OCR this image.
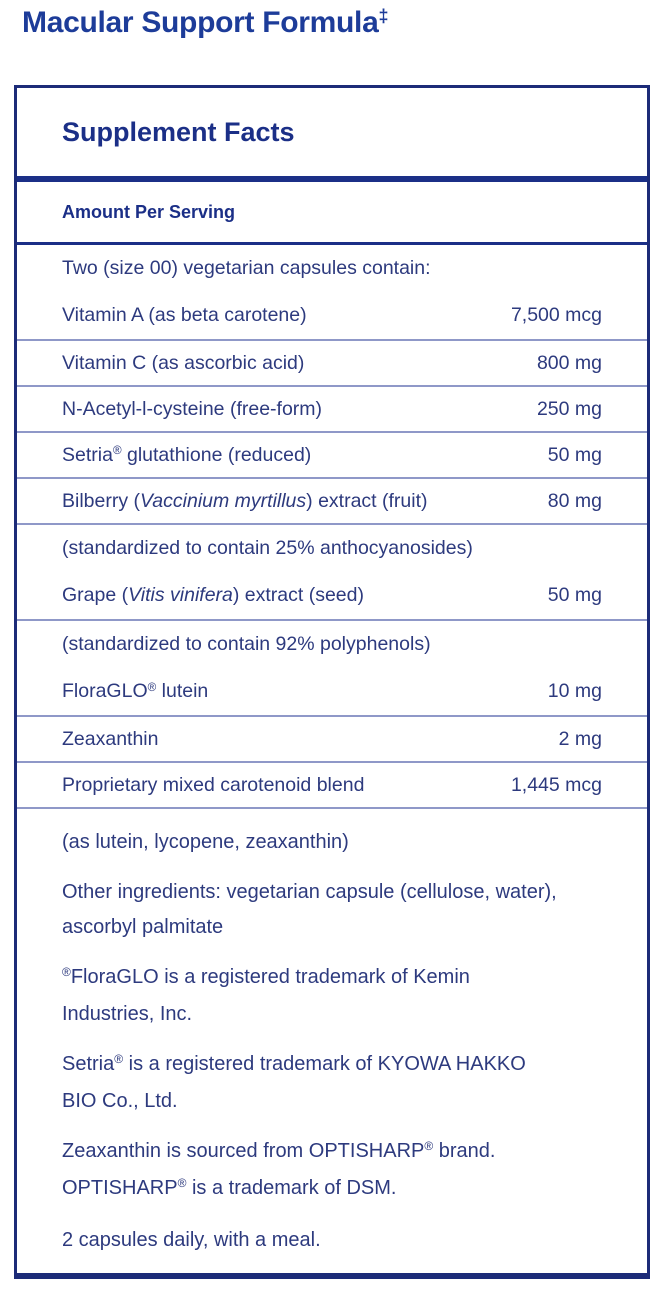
Macular Support Formula‡
Supplement Facts
Amount Per Serving
Two (size 00) vegetarian capsules contain:
Vitamin A (as beta carotene)	7,500 mcg
Vitamin C (as ascorbic acid)	800 mg
N-Acetyl-l-cysteine (free-form)	250 mg
Setria® glutathione (reduced)	50 mg
Bilberry (Vaccinium myrtillus) extract (fruit)	80 mg
(standardized to contain 25% anthocyanosides)
Grape (Vitis vinifera) extract (seed)	50 mg
(standardized to contain 92% polyphenols)
FloraGLO® lutein	10 mg
Zeaxanthin	2 mg
Proprietary mixed carotenoid blend	1,445 mcg
(as lutein, lycopene, zeaxanthin)
Other ingredients: vegetarian capsule (cellulose, water),
ascorbyl palmitate
®FloraGLO is a registered trademark of Kemin
Industries, Inc.
Setria® is a registered trademark of KYOWA HAKKO
BIO Co., Ltd.
Zeaxanthin is sourced from OPTISHARP® brand.
OPTISHARP® is a trademark of DSM.
2 capsules daily, with a meal.
